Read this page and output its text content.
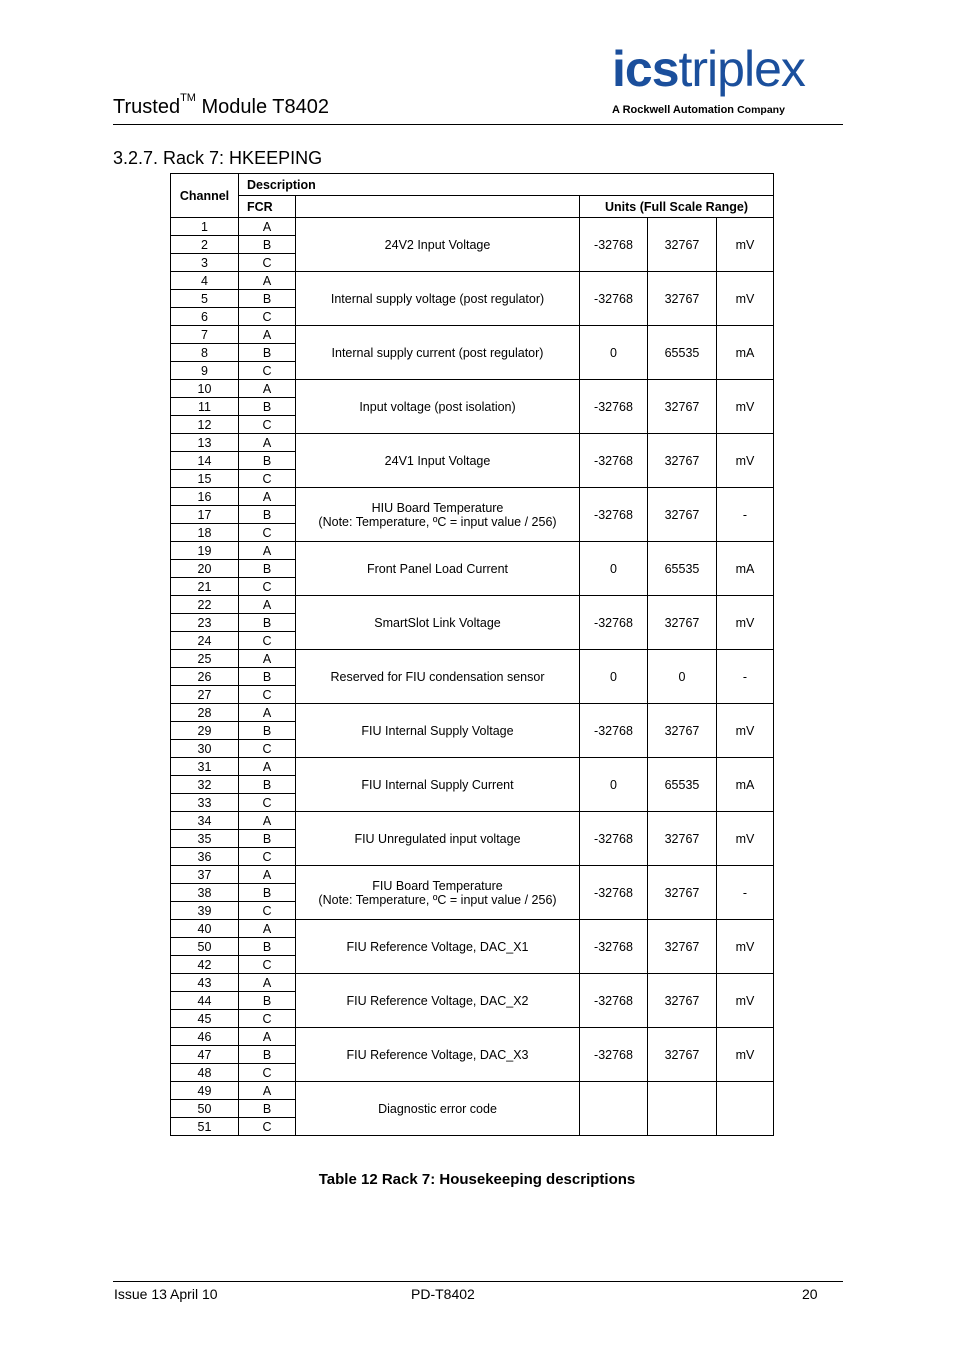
Trusted™ Module T8402
icstriplex
A Rockwell Automation Company
3.2.7. Rack 7: HKEEPING
Channel	Description				
	FCR		Units (Full Scale Range)		
1	A	24V2 Input Voltage	-32768	32767	mV
2	B				
3	C				
4	A	Internal supply voltage (post regulator)	-32768	32767	mV
5	B				
6	C				
7	A	Internal supply current (post regulator)	0	65535	mA
8	B				
9	C				
10	A	Input voltage (post isolation)	-32768	32767	mV
11	B				
12	C				
13	A	24V1 Input Voltage	-32768	32767	mV
14	B				
15	C				
16	A	HIU Board Temperature
(Note: Temperature, ºC = input value / 256)	-32768	32767	-
17	B				
18	C				
19	A	Front Panel Load Current	0	65535	mA
20	B				
21	C				
22	A	SmartSlot Link Voltage	-32768	32767	mV
23	B				
24	C				
25	A	Reserved for FIU condensation sensor	0	0	-
26	B				
27	C				
28	A	FIU Internal Supply Voltage	-32768	32767	mV
29	B				
30	C				
31	A	FIU Internal Supply Current	0	65535	mA
32	B				
33	C				
34	A	FIU Unregulated input voltage	-32768	32767	mV
35	B				
36	C				
37	A	FIU Board Temperature
(Note: Temperature, ºC = input value / 256)	-32768	32767	-
38	B				
39	C				
40	A	FIU Reference Voltage, DAC_X1	-32768	32767	mV
50	B				
42	C				
43	A	FIU Reference Voltage, DAC_X2	-32768	32767	mV
44	B				
45	C				
46	A	FIU Reference Voltage, DAC_X3	-32768	32767	mV
47	B				
48	C				
49	A	Diagnostic error code			

50	B				
51	C				
Table 12 Rack 7: Housekeeping descriptions
Issue 13 April 10	PD-T8402	20
